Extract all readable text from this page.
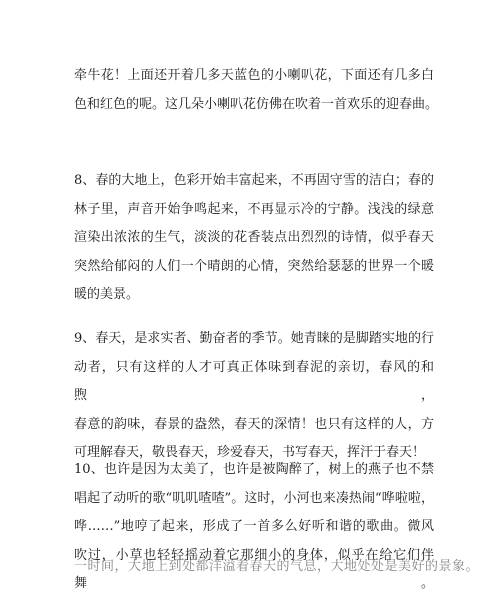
牵牛花！上面还开着几多天蓝色的小喇叭花，下面还有几多白
色和红色的呢。这几朵小喇叭花仿佛在吹着一首欢乐的迎春曲。

8、春的大地上，色彩开始丰富起来，不再固守雪的洁白；春的
林子里，声音开始争鸣起来，不再显示冷的宁静。浅浅的绿意
渲染出浓浓的生气，淡淡的花香装点出烈烈的诗情，似乎春天
突然给郁闷的人们一个晴朗的心情，突然给瑟瑟的世界一个暖
暖的美景。

9、春天，是求实者、勤奋者的季节。她青睐的是脚踏实地的行
动者，只有这样的人才可真正体味到春泥的亲切，春风的和煦，
春意的韵味，春景的盎然，春天的深情！也只有这样的人，方
可理解春天，敬畏春天，珍爱春天，书写春天，挥汗于春天！

10、也许是因为太美了，也许是被陶醉了，树上的燕子也不禁
唱起了动听的歌“叽叽喳喳”。这时，小河也来凑热闹“哗啦啦，
哗……”地哼了起来，形成了一首多么好听和谐的歌曲。微风
吹过，小草也轻轻摇动着它那细小的身体，似乎在给它们伴舞。

一时间，大地上到处都洋溢着春天的气息，大地处处是美好的景象。
